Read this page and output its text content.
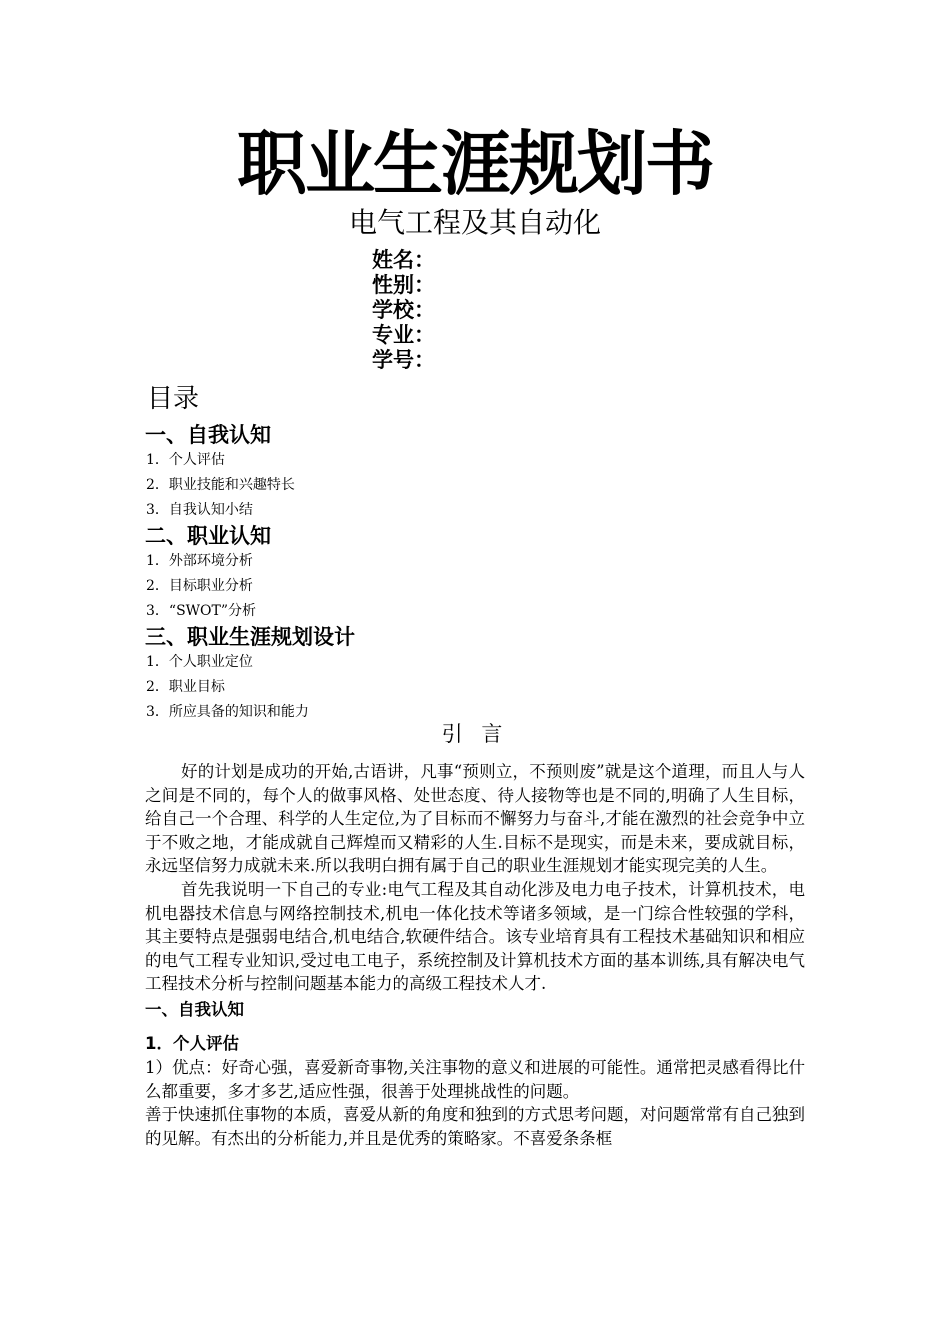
职业生涯规划书
电气工程及其自动化
姓名：
性别：
学校：
专业：
学号：
目录
一、自我认知
1．个人评估
2．职业技能和兴趣特长
3．自我认知小结
二、职业认知
1．外部环境分析
2．目标职业分析
3．“SWOT”分析
三、职业生涯规划设计
1．个人职业定位
2．职业目标
3．所应具备的知识和能力
引 言

好的计划是成功的开始,古语讲，凡事“预则立，不预则废”就是这个道理，而且人与人之间是不同的，每个人的做事风格、处世态度、待人接物等也是不同的,明确了人生目标，给自己一个合理、科学的人生定位,为了目标而不懈努力与奋斗,才能在激烈的社会竞争中立于不败之地，才能成就自己辉煌而又精彩的人生.目标不是现实，而是未来，要成就目标，永远坚信努力成就未来.所以我明白拥有属于自己的职业生涯规划才能实现完美的人生。

首先我说明一下自己的专业:电气工程及其自动化涉及电力电子技术，计算机技术，电机电器技术信息与网络控制技术,机电一体化技术等诸多领域，是一门综合性较强的学科，其主要特点是强弱电结合,机电结合,软硬件结合。该专业培育具有工程技术基础知识和相应的电气工程专业知识,受过电工电子，系统控制及计算机技术方面的基本训练,具有解决电气工程技术分析与控制问题基本能力的高级工程技术人才.

一、自我认知

1．个人评估

1）优点：好奇心强，喜爱新奇事物,关注事物的意义和进展的可能性。通常把灵感看得比什么都重要，多才多艺,适应性强，很善于处理挑战性的问题。

善于快速抓住事物的本质，喜爱从新的角度和独到的方式思考问题，对问题常常有自己独到的见解。有杰出的分析能力,并且是优秀的策略家。不喜爱条条框
